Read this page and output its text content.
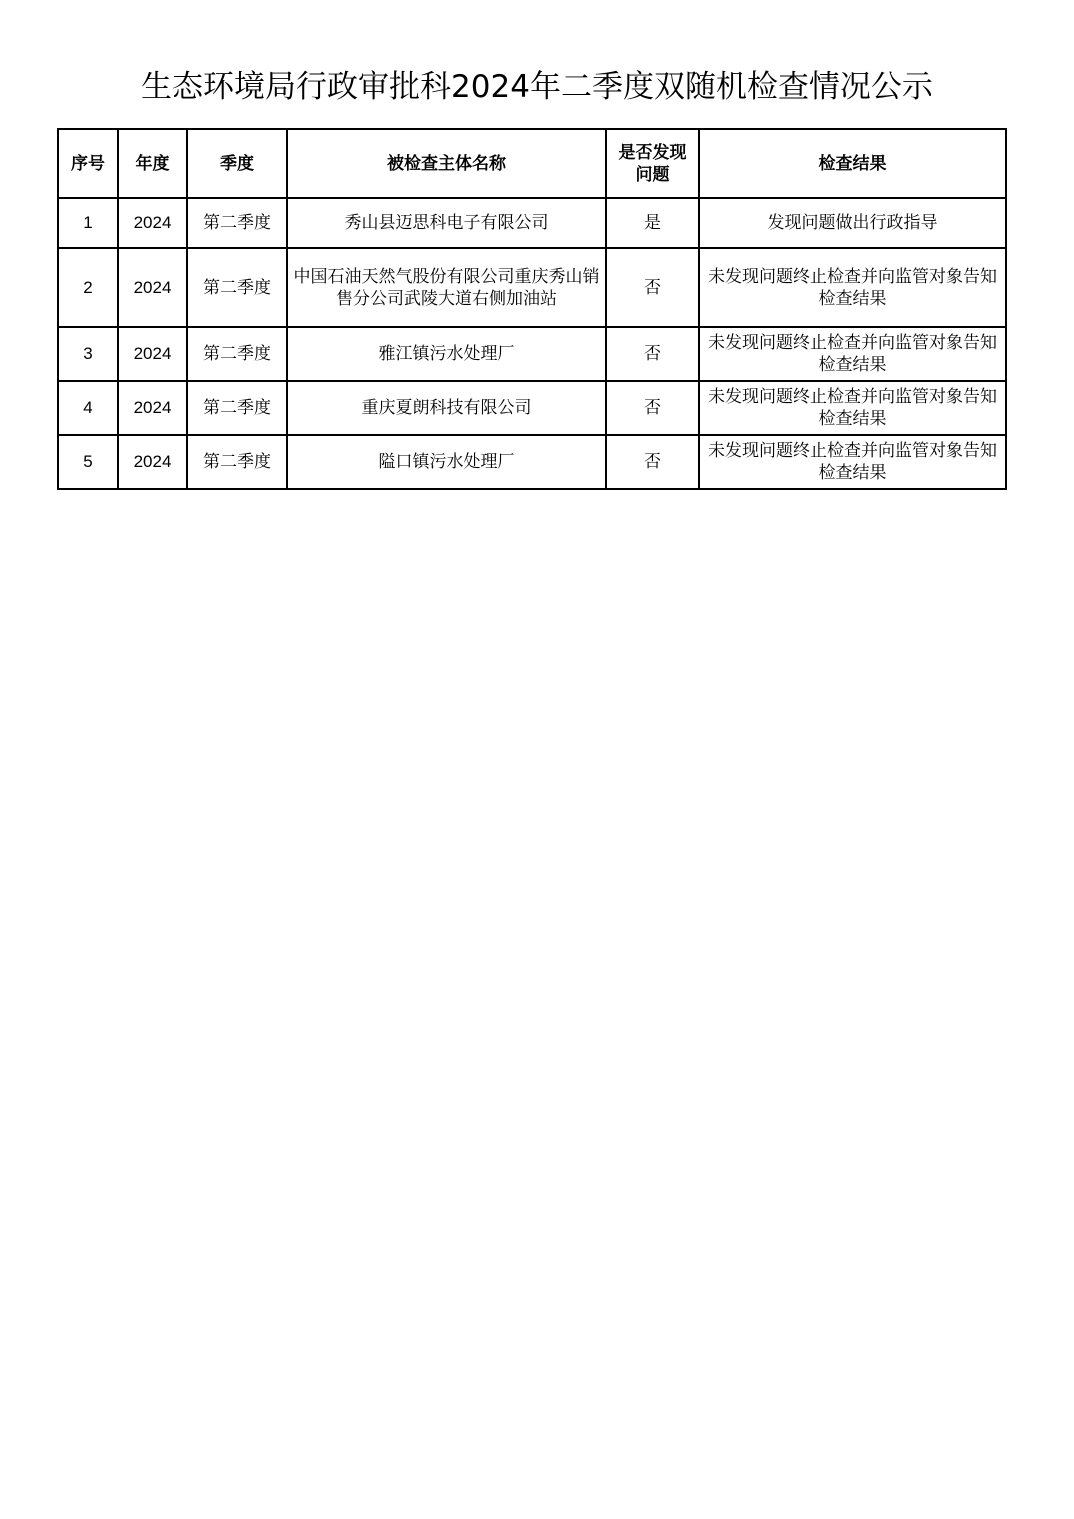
生态环境局行政审批科2024年二季度双随机检查情况公示
序号	年度	季度	被检查主体名称	是否发现问题	检查结果
1	2024	第二季度	秀山县迈思科电子有限公司	是	发现问题做出行政指导
2	2024	第二季度	中国石油天然气股份有限公司重庆秀山销售分公司武陵大道右侧加油站	否	未发现问题终止检查并向监管对象告知检查结果
3	2024	第二季度	雅江镇污水处理厂	否	未发现问题终止检查并向监管对象告知检查结果
4	2024	第二季度	重庆夏朗科技有限公司	否	未发现问题终止检查并向监管对象告知检查结果
5	2024	第二季度	隘口镇污水处理厂	否	未发现问题终止检查并向监管对象告知检查结果
